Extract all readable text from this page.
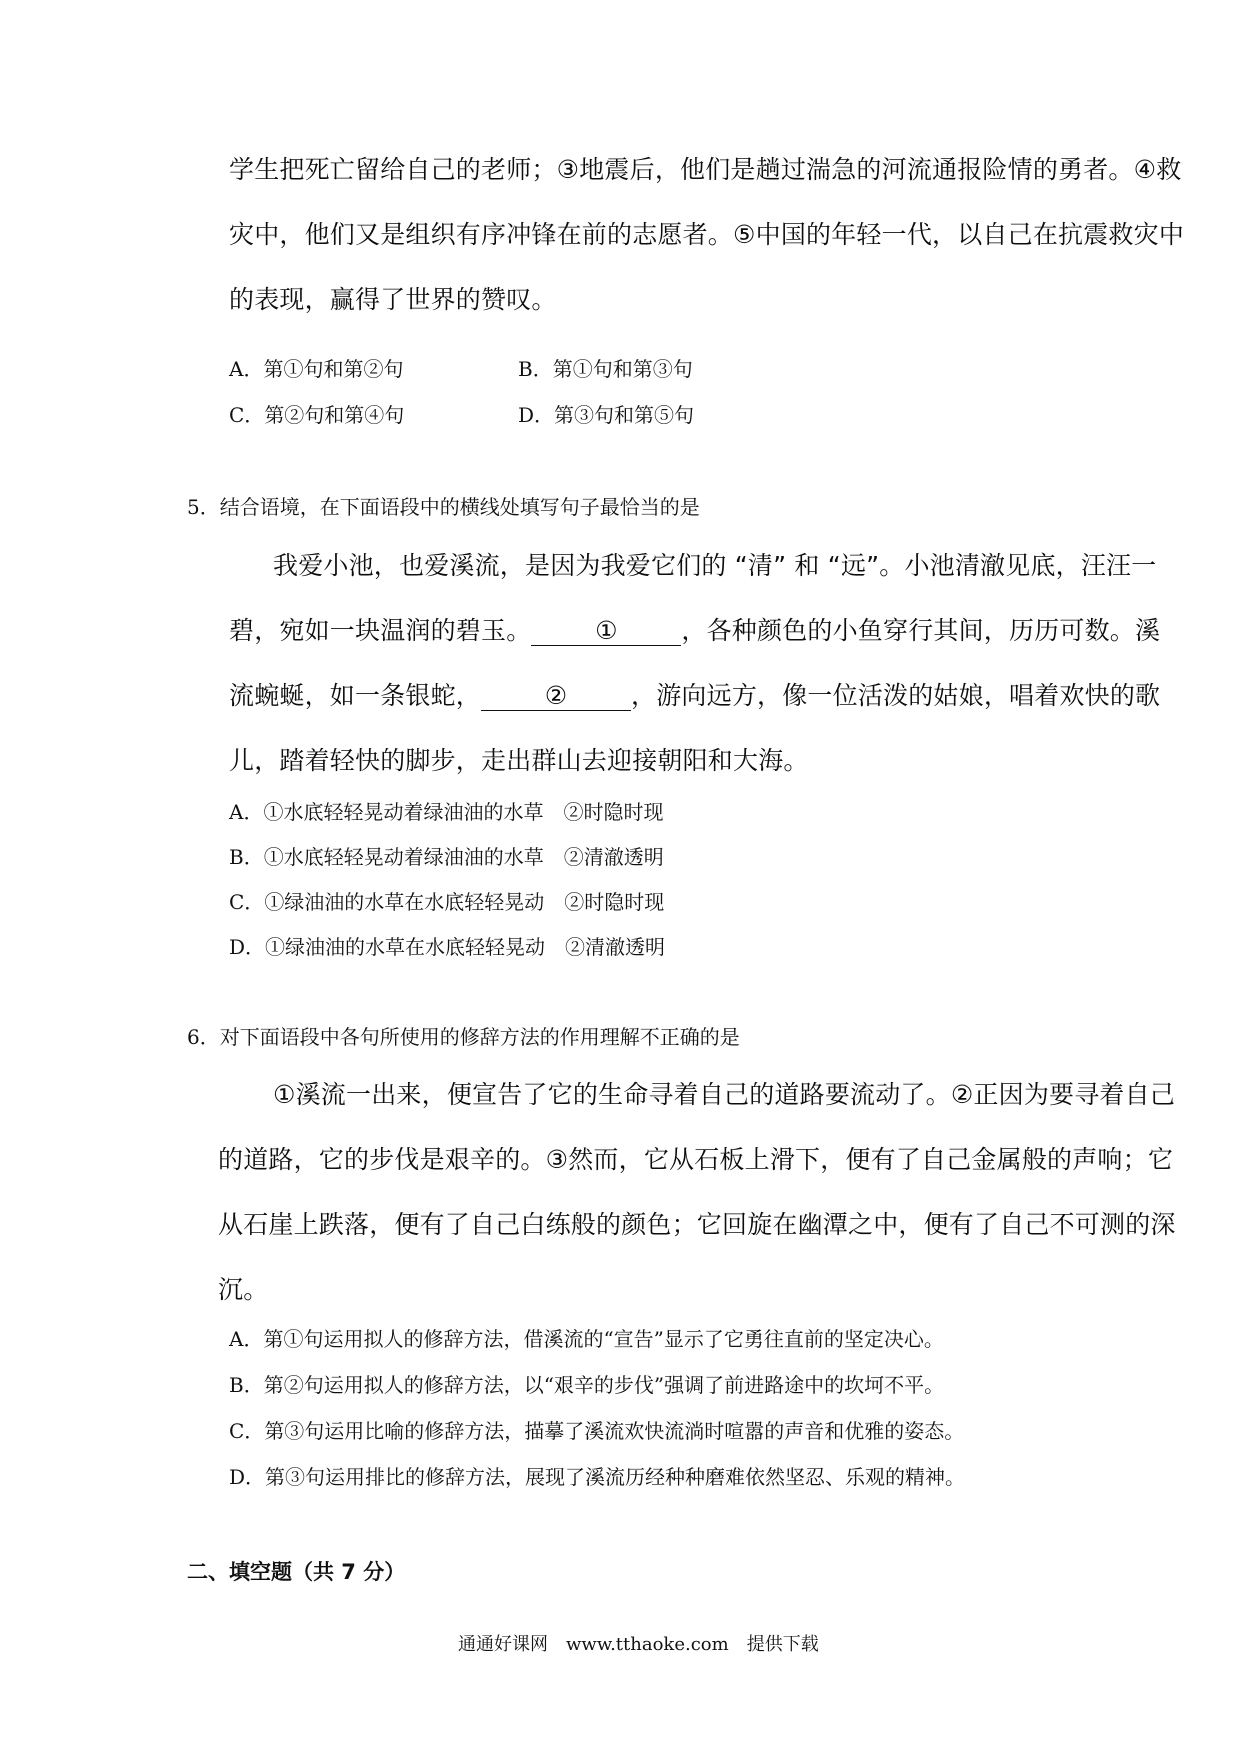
学生把死亡留给自己的老师；③地震后，他们是趟过湍急的河流通报险情的勇者。④救
灾中，他们又是组织有序冲锋在前的志愿者。⑤中国的年轻一代，以自己在抗震救灾中
的表现，赢得了世界的赞叹。
A．第①句和第②句	B．第①句和第③句
C．第②句和第④句	D．第③句和第⑤句
5．结合语境，在下面语段中的横线处填写句子最恰当的是
我爱小池，也爱溪流，是因为我爱它们的 “清” 和 “远”。小池清澈见底，汪汪一
碧，宛如一块温润的碧玉。	①	，各种颜色的小鱼穿行其间，历历可数。溪
流蜿蜒，如一条银蛇，	②	，游向远方，像一位活泼的姑娘，唱着欢快的歌
儿，踏着轻快的脚步，走出群山去迎接朝阳和大海。
A．①水底轻轻晃动着绿油油的水草　②时隐时现
B．①水底轻轻晃动着绿油油的水草　②清澈透明
C．①绿油油的水草在水底轻轻晃动　②时隐时现
D．①绿油油的水草在水底轻轻晃动　②清澈透明
6．对下面语段中各句所使用的修辞方法的作用理解不正确的是
①溪流一出来，便宣告了它的生命寻着自己的道路要流动了。②正因为要寻着自己
的道路，它的步伐是艰辛的。③然而，它从石板上滑下，便有了自己金属般的声响；它
从石崖上跌落，便有了自己白练般的颜色；它回旋在幽潭之中，便有了自己不可测的深
沉。
A．第①句运用拟人的修辞方法，借溪流的“宣告”显示了它勇往直前的坚定决心。
B．第②句运用拟人的修辞方法，以“艰辛的步伐”强调了前进路途中的坎坷不平。
C．第③句运用比喻的修辞方法，描摹了溪流欢快流淌时喧嚣的声音和优雅的姿态。
D．第③句运用排比的修辞方法，展现了溪流历经种种磨难依然坚忍、乐观的精神。
二、填空题（共 7 分）
通通好课网　www.tthaoke.com　提供下载
